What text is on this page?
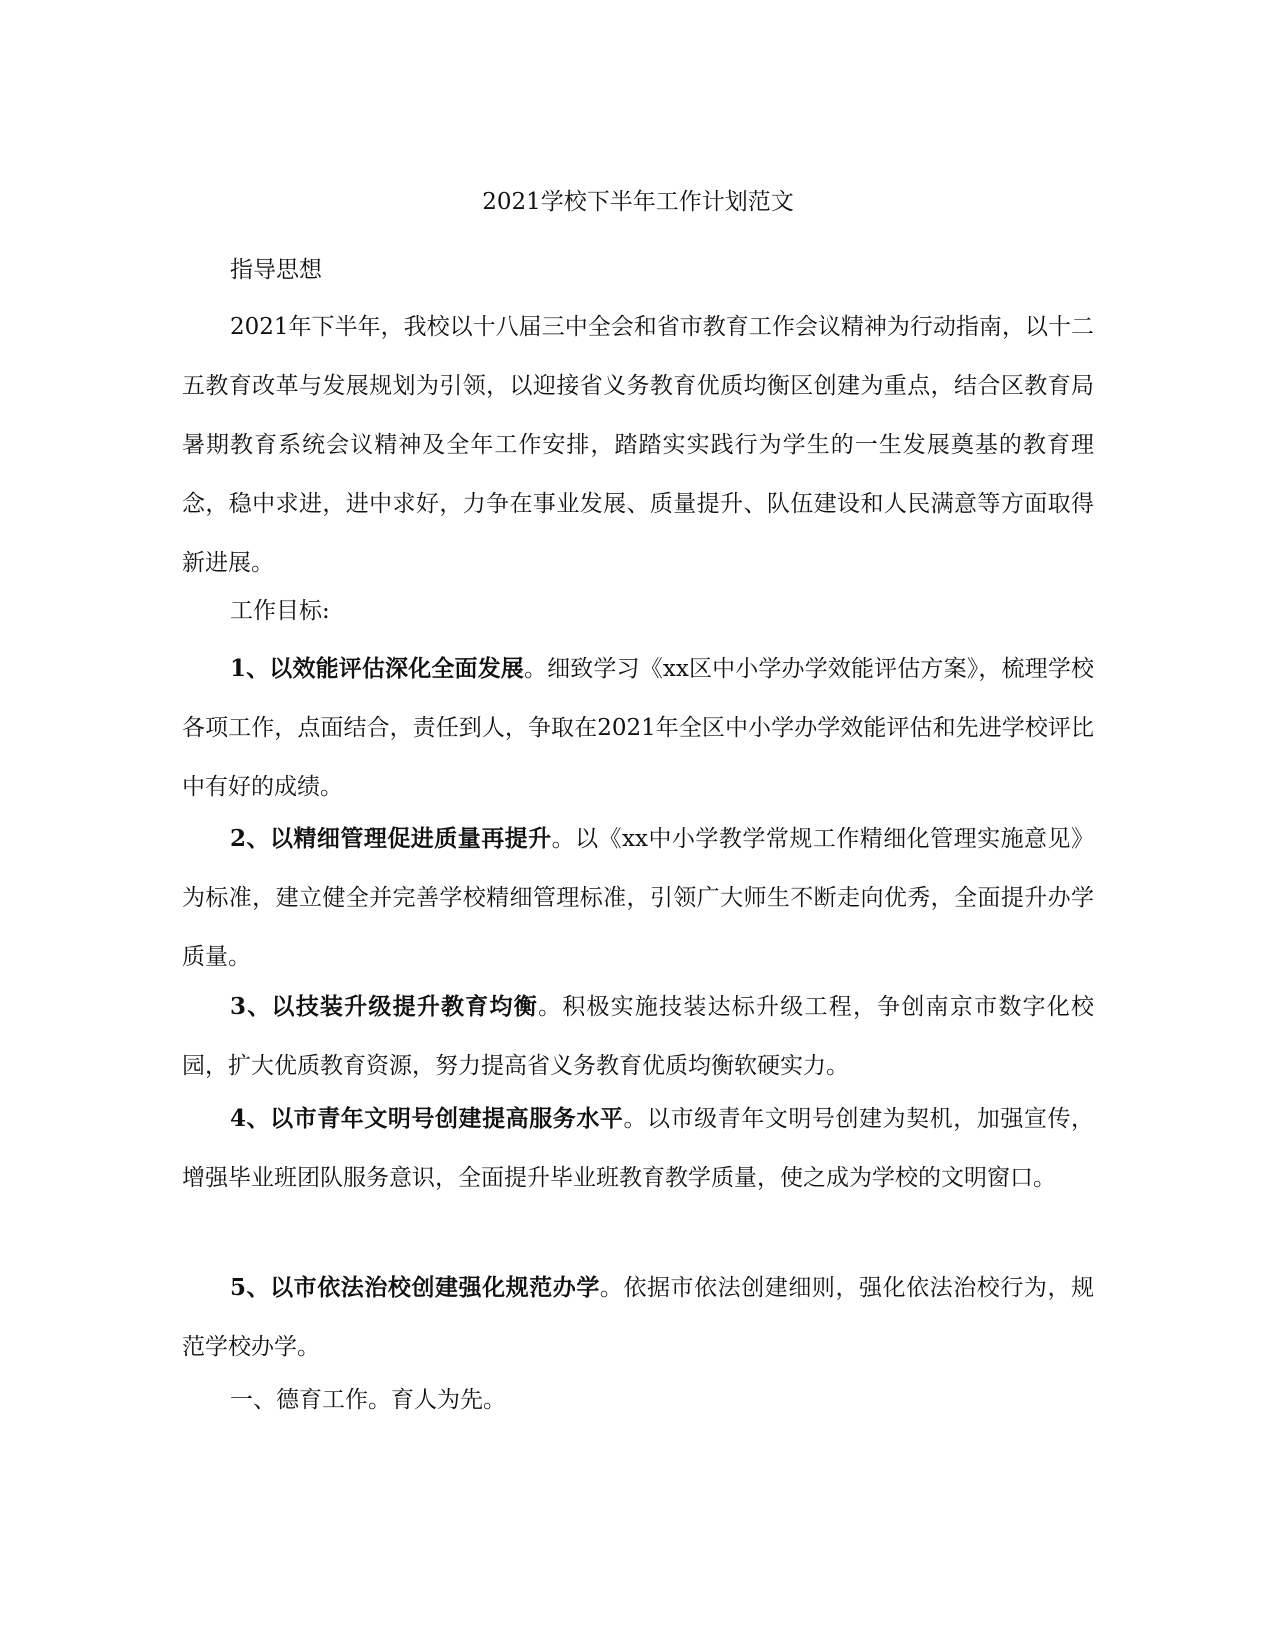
2021学校下半年工作计划范文

指导思想

2021年下半年，我校以十八届三中全会和省市教育工作会议精神为行动指南，以十二五教育改革与发展规划为引领，以迎接省义务教育优质均衡区创建为重点，结合区教育局暑期教育系统会议精神及全年工作安排，踏踏实实践行为学生的一生发展奠基的教育理念，稳中求进，进中求好，力争在事业发展、质量提升、队伍建设和人民满意等方面取得新进展。

工作目标:

1、以效能评估深化全面发展。细致学习《xx区中小学办学效能评估方案》，梳理学校各项工作，点面结合，责任到人，争取在2021年全区中小学办学效能评估和先进学校评比中有好的成绩。

2、以精细管理促进质量再提升。以《xx中小学教学常规工作精细化管理实施意见》为标准，建立健全并完善学校精细管理标准，引领广大师生不断走向优秀，全面提升办学质量。

3、以技装升级提升教育均衡。积极实施技装达标升级工程，争创南京市数字化校园，扩大优质教育资源，努力提高省义务教育优质均衡软硬实力。

4、以市青年文明号创建提高服务水平。以市级青年文明号创建为契机，加强宣传，增强毕业班团队服务意识，全面提升毕业班教育教学质量，使之成为学校的文明窗口。

5、以市依法治校创建强化规范办学。依据市依法创建细则，强化依法治校行为，规范学校办学。

一、德育工作。育人为先。
